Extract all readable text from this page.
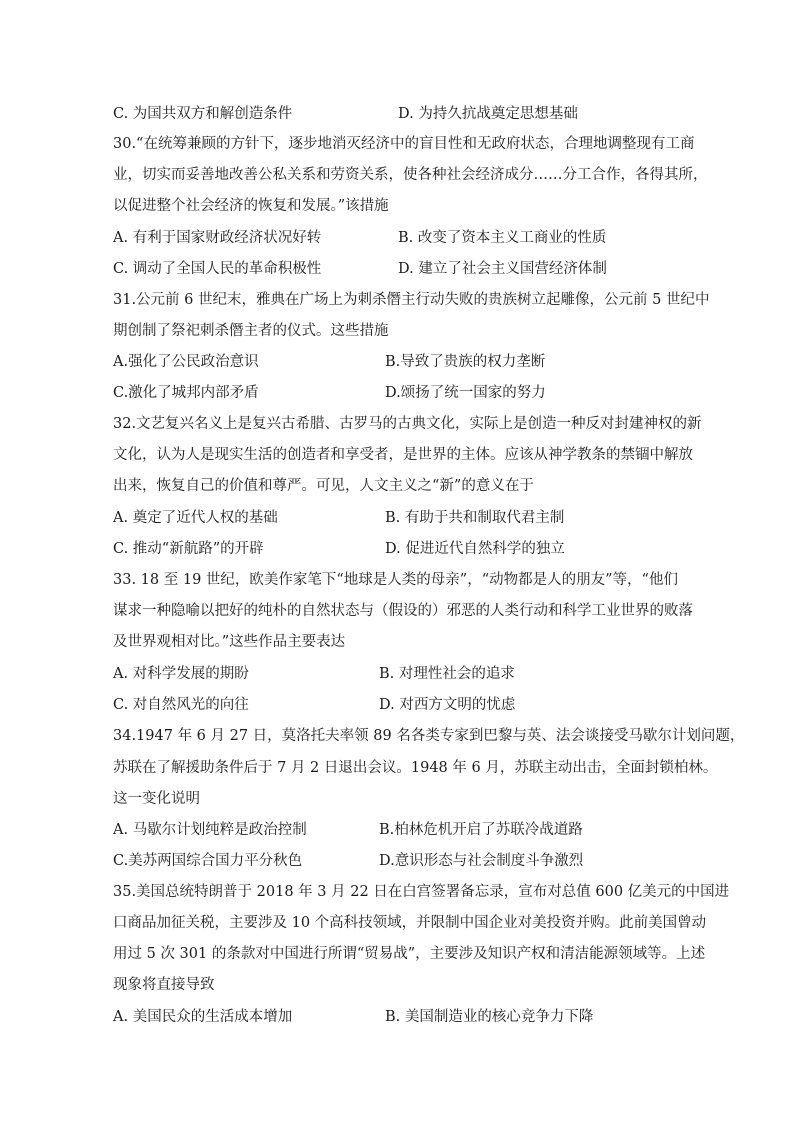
C. 为国共双方和解创造条件	D. 为持久抗战奠定思想基础
30.“在统筹兼顾的方针下，逐步地消灭经济中的盲目性和无政府状态，合理地调整现有工商
业，切实而妥善地改善公私关系和劳资关系，使各种社会经济成分……分工合作，各得其所，
以促进整个社会经济的恢复和发展。”该措施
A. 有利于国家财政经济状况好转	B. 改变了资本主义工商业的性质
C. 调动了全国人民的革命积极性	D. 建立了社会主义国营经济体制
31.公元前 6 世纪末，雅典在广场上为刺杀僭主行动失败的贵族树立起雕像，公元前 5 世纪中
期创制了祭祀刺杀僭主者的仪式。这些措施
A.强化了公民政治意识	B.导致了贵族的权力垄断
C.激化了城邦内部矛盾	D.颂扬了统一国家的努力
32.文艺复兴名义上是复兴古希腊、古罗马的古典文化，实际上是创造一种反对封建神权的新
文化，认为人是现实生活的创造者和享受者，是世界的主体。应该从神学教条的禁锢中解放
出来，恢复自己的价值和尊严。可见，人文主义之“新”的意义在于
A. 奠定了近代人权的基础	B. 有助于共和制取代君主制
C. 推动“新航路”的开辟	D. 促进近代自然科学的独立
33. 18 至 19 世纪，欧美作家笔下“地球是人类的母亲”，“动物都是人的朋友”等，“他们
谋求一种隐喻以把好的纯朴的自然状态与（假设的）邪恶的人类行动和科学工业世界的败落
及世界观相对比。”这些作品主要表达
A. 对科学发展的期盼	B. 对理性社会的追求
C. 对自然风光的向往	D. 对西方文明的忧虑
34.1947 年 6 月 27 日，莫洛托夫率领 89 名各类专家到巴黎与英、法会谈接受马歇尔计划问题，
苏联在了解援助条件后于 7 月 2 日退出会议。1948 年 6 月，苏联主动出击，全面封锁柏林。
这一变化说明
A. 马歇尔计划纯粹是政治控制	B.柏林危机开启了苏联冷战道路
C.美苏两国综合国力平分秋色	D.意识形态与社会制度斗争激烈
35.美国总统特朗普于 2018 年 3 月 22 日在白宫签署备忘录，宣布对总值 600 亿美元的中国进
口商品加征关税，主要涉及 10 个高科技领域，并限制中国企业对美投资并购。此前美国曾动
用过 5 次 301 的条款对中国进行所谓“贸易战”，主要涉及知识产权和清洁能源领域等。上述
现象将直接导致
A. 美国民众的生活成本增加	B. 美国制造业的核心竞争力下降
